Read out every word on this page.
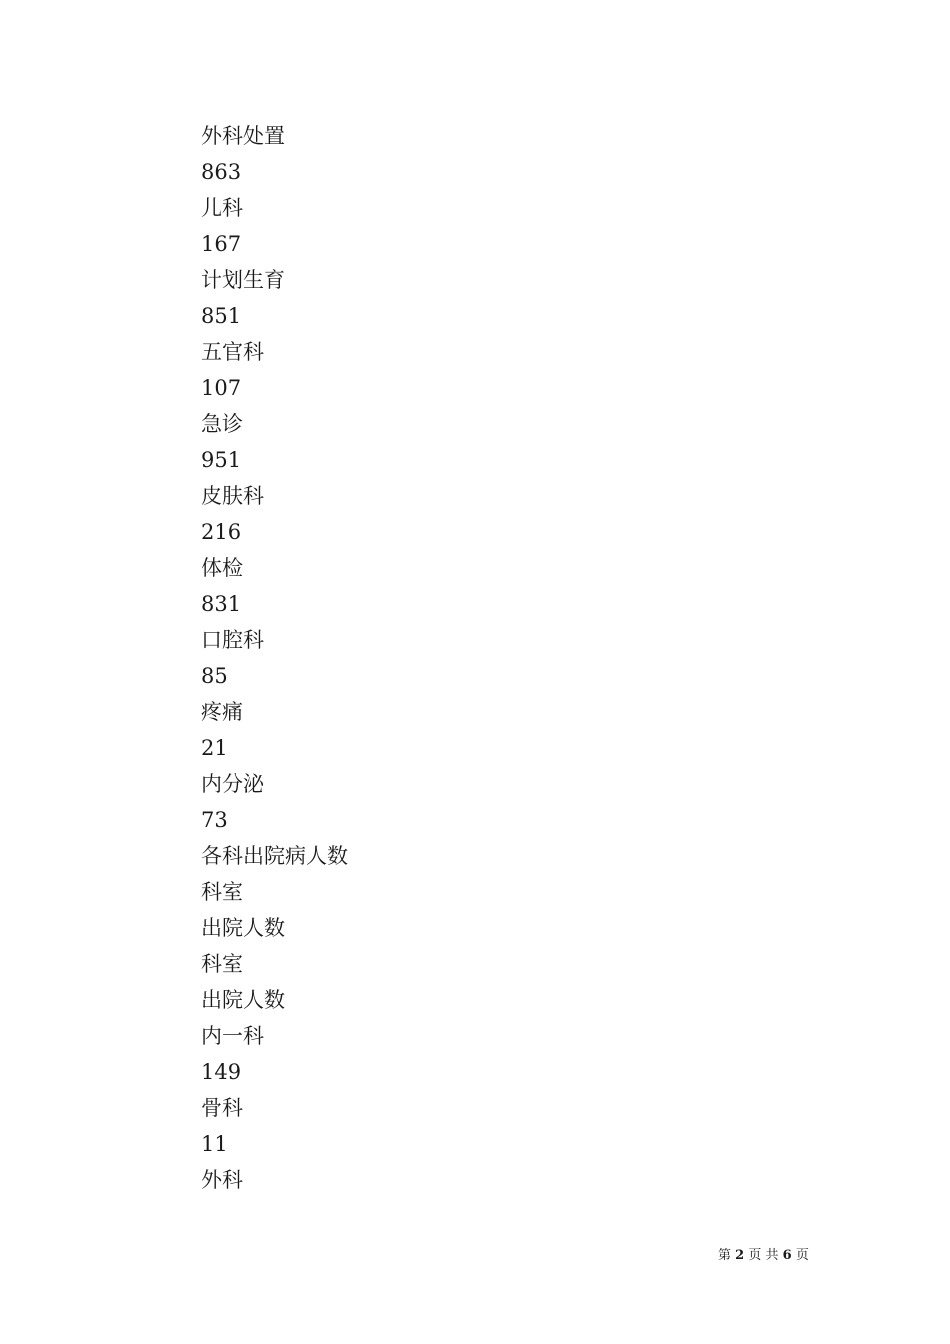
外科处置
863
儿科
167
计划生育
851
五官科
107
急诊
951
皮肤科
216
体检
831
口腔科
85
疼痛
21
内分泌
73
各科出院病人数
科室
出院人数
科室
出院人数
内一科
149
骨科
11
外科
第 2 页 共 6 页
